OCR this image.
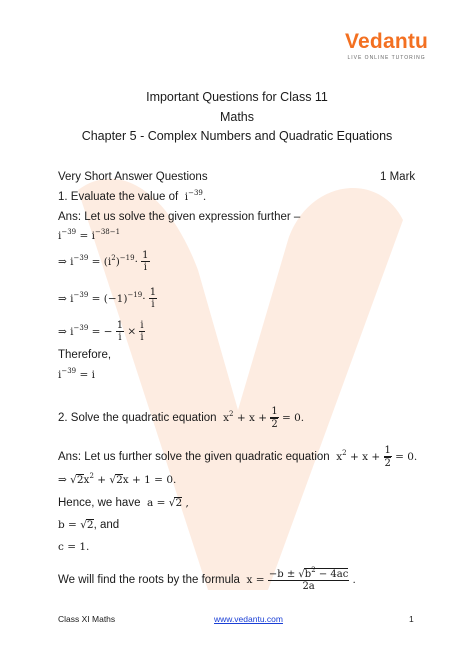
Vedantu
LIVE ONLINE TUTORING
Important Questions for Class 11
Maths
Chapter 5 - Complex Numbers and Quadratic Equations
Very Short Answer Questions	1 Mark
1. Evaluate the value of  $i^{-39}$.
Ans: Let us solve the given expression further –
$i^{-39} = i^{-38-1}$
⇒ $i^{-39} = (i^2)^{-19}\cdot \frac{1}{i}$
⇒ $i^{-39} = (-1)^{-19}\cdot \frac{1}{i}$
⇒ $i^{-39}$ = − $\frac{1}{i} \times \frac{i}{i}$
Therefore,
$i^{-39} = i$
2. Solve the quadratic equation  $x^2 + x + \frac{1}{2} = 0$.
Ans: Let us further solve the given quadratic equation  $x^2 + x + \frac{1}{2} = 0$.
⇒ $√2x^2 + √2x + 1 = 0$.
Hence, we have  a = √2 ,
b = √2, and
c = 1.
We will find the roots by the formula  $x = \frac{-b \pm √b^2 - 4ac}{2a}$ .
Class XI Maths	www.vedantu.com	1
